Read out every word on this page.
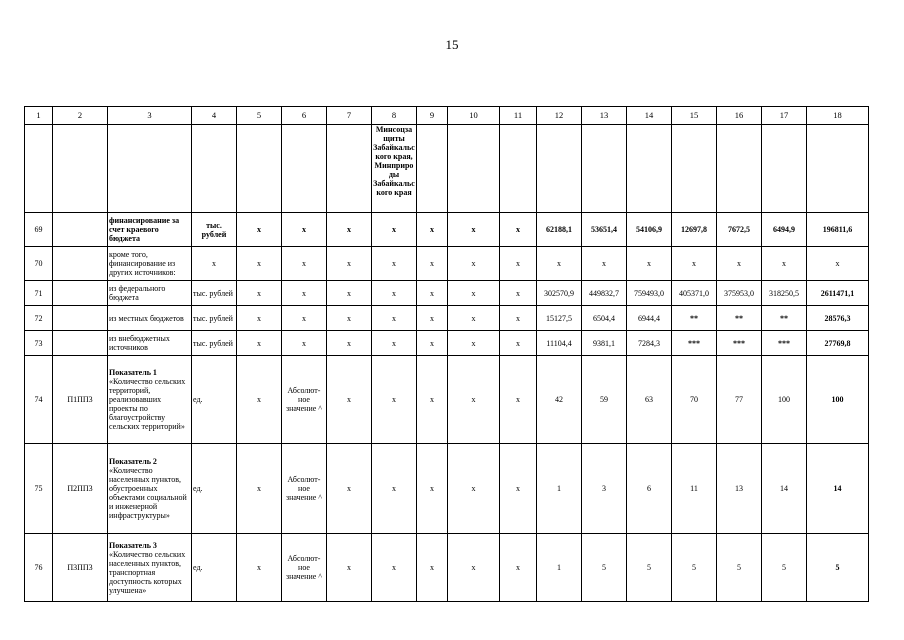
15
1	2	3	4	5	6	7	8	9	10	11	12	13	14	15	16	17	18
							Минсоцза щиты Забайкальс кого края, Минприро ды Забайкальс кого края										
69		финансирование за счет краевого бюджета	тыс. рублей	x	x	x	x	x	x	x	62188,1	53651,4	54106,9	12697,8	7672,5	6494,9	196811,6
70		кроме того, финансирование из других источников:	x	x	x	x	x	x	x	x	x	x	x	x	x	x	x
71		из федерального бюджета	тыс. рублей	x	x	x	x	x	x	x	302570,9	449832,7	759493,0	405371,0	375953,0	318250,5	2611471,1
72		из местных бюджетов	тыс. рублей	x	x	x	x	x	x	x	15127,5	6504,4	6944,4	**	**	**	28576,3
73		из внебюджетных источников	тыс. рублей	x	x	x	x	x	x	x	11104,4	9381,1	7284,3	***	***	***	27769,8
74	П1ПП3	Показатель 1
«Количество сельских территорий, реализовавших проекты по благоустройству сельских территорий»	ед.	x	Абсолют- ное значение ^	x	x	x	x	x	42	59	63	70	77	100	100
75	П2ПП3	Показатель 2
«Количество населенных пунктов, обустроенных объектами социальной и инженерной инфраструктуры»	ед.	x	Абсолют- ное значение ^	x	x	x	x	x	1	3	6	11	13	14	14
76	П3ПП3	Показатель 3
«Количество сельских населенных пунктов, транспортная доступность которых улучшена»	ед.	x	Абсолют- ное значение ^	x	x	x	x	x	1	5	5	5	5	5	5
